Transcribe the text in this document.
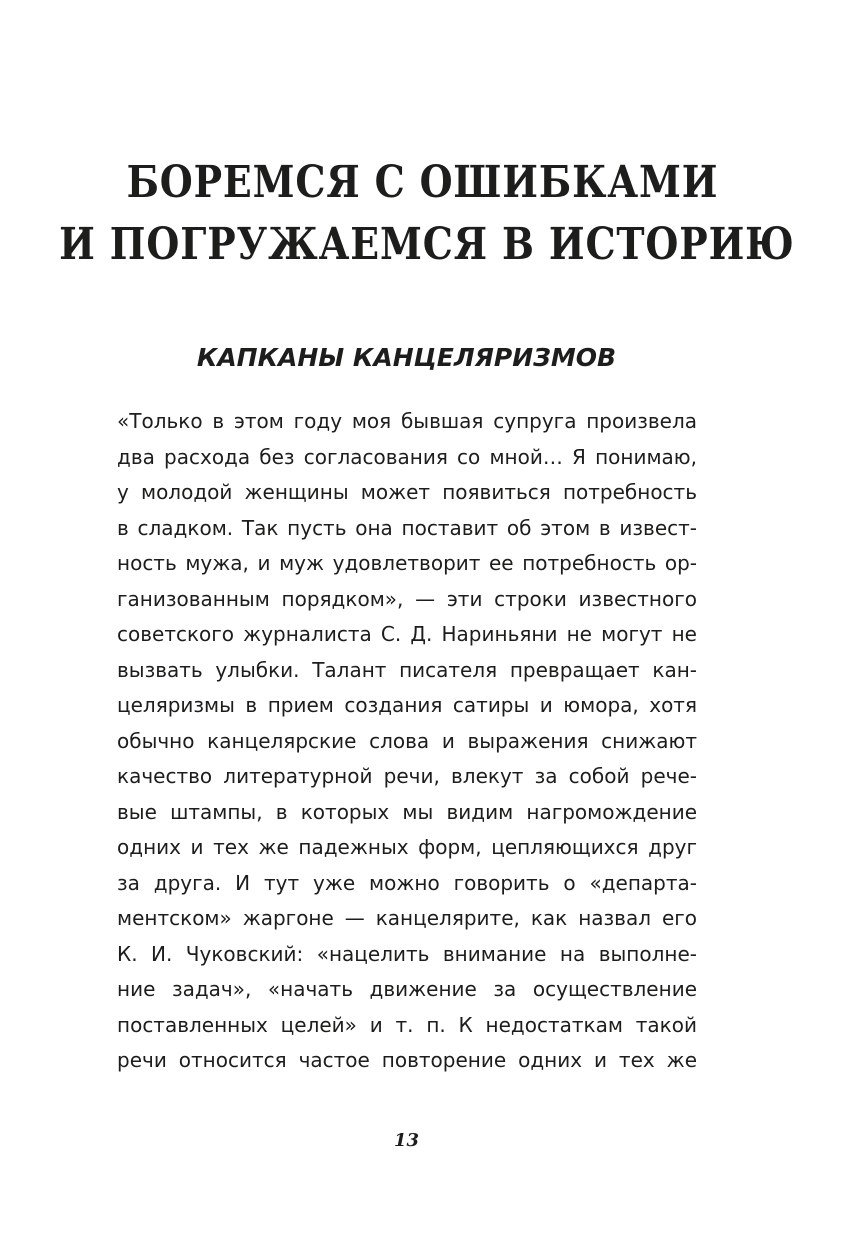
БОРЕМСЯ С ОШИБКАМИ
И ПОГРУЖАЕМСЯ В ИСТОРИЮ
КАПКАНЫ КАНЦЕЛЯРИЗМОВ
«Только в этом году моя бывшая супруга произвела
два расхода без согласования со мной… Я понимаю,
у молодой женщины может появиться потребность
в сладком. Так пусть она поставит об этом в извест-
ность мужа, и муж удовлетворит ее потребность ор-
ганизованным порядком», — эти строки известного
советского журналиста С. Д. Нариньяни не могут не
вызвать улыбки. Талант писателя превращает кан-
целяризмы в прием создания сатиры и юмора, хотя
обычно канцелярские слова и выражения снижают
качество литературной речи, влекут за собой рече-
вые штампы, в которых мы видим нагромождение
одних и тех же падежных форм, цепляющихся друг
за друга. И тут уже можно говорить о «департа-
ментском» жаргоне — канцелярите, как назвал его
К. И. Чуковский: «нацелить внимание на выполне-
ние задач», «начать движение за осуществление
поставленных целей» и т. п. К недостаткам такой
речи относится частое повторение одних и тех же
13
